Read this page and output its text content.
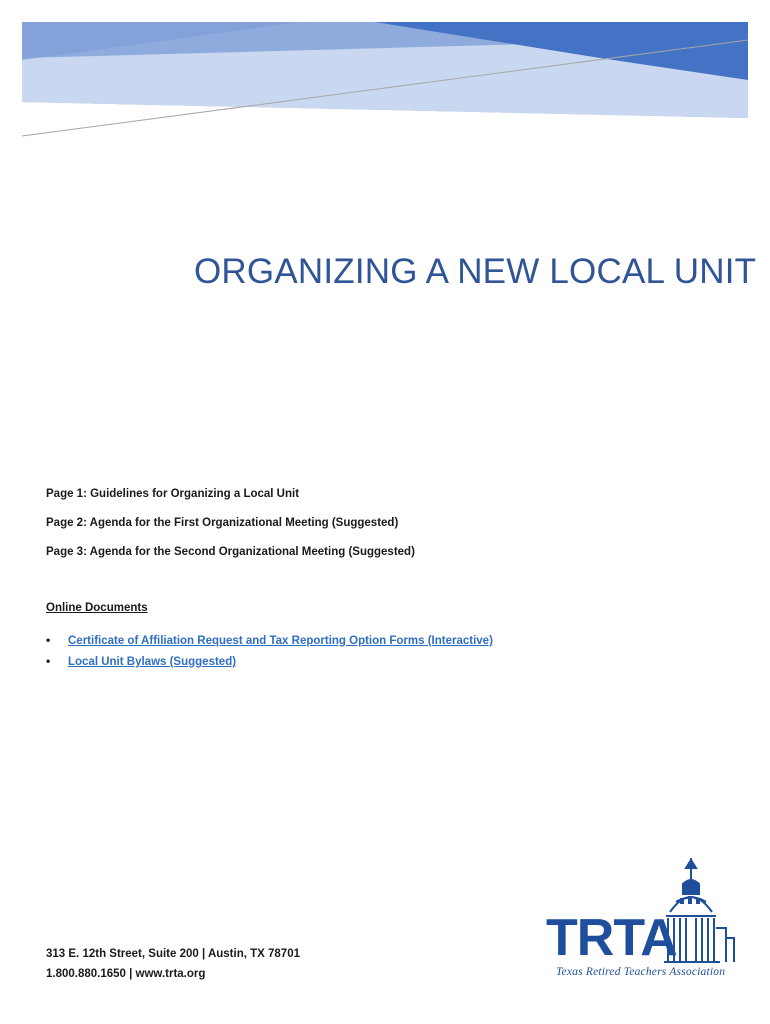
ORGANIZING A NEW LOCAL UNIT
Page 1: Guidelines for Organizing a Local Unit
Page 2: Agenda for the First Organizational Meeting (Suggested)
Page 3: Agenda for the Second Organizational Meeting (Suggested)
Online Documents
• Certificate of Affiliation Request and Tax Reporting Option Forms (Interactive)
• Local Unit Bylaws (Suggested)
313 E. 12th Street, Suite 200 | Austin, TX 78701
1.800.880.1650 | www.trta.org
TRTA
Texas Retired Teachers Association
